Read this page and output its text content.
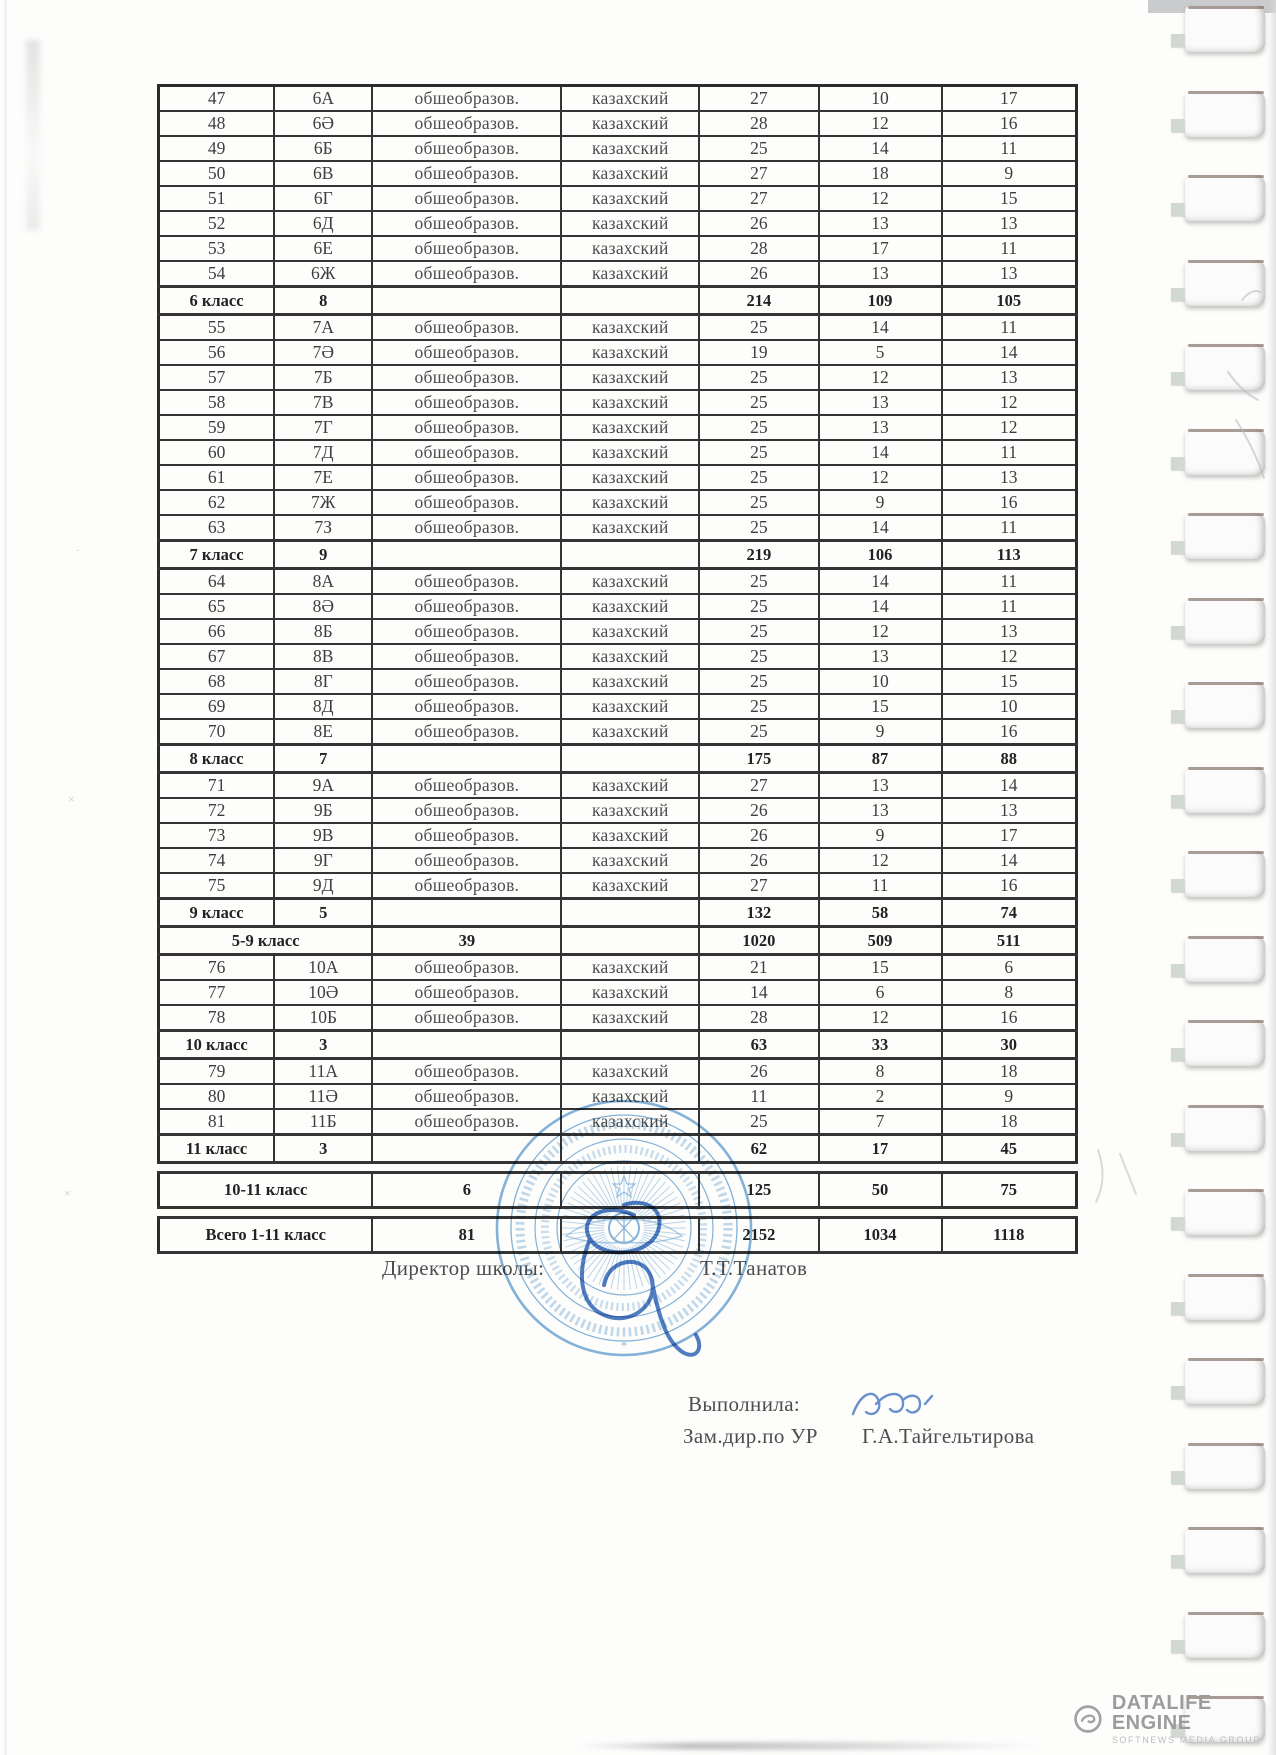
·
×
×
47	6А	обшеобразов.	казахский	27	10	17
48	6Ә	обшеобразов.	казахский	28	12	16
49	6Б	обшеобразов.	казахский	25	14	11
50	6В	обшеобразов.	казахский	27	18	9
51	6Г	обшеобразов.	казахский	27	12	15
52	6Д	обшеобразов.	казахский	26	13	13
53	6Е	обшеобразов.	казахский	28	17	11
54	6Ж	обшеобразов.	казахский	26	13	13
6 класс	8			214	109	105
55	7А	обшеобразов.	казахский	25	14	11
56	7Ә	обшеобразов.	казахский	19	5	14
57	7Б	обшеобразов.	казахский	25	12	13
58	7В	обшеобразов.	казахский	25	13	12
59	7Г	обшеобразов.	казахский	25	13	12
60	7Д	обшеобразов.	казахский	25	14	11
61	7Е	обшеобразов.	казахский	25	12	13
62	7Ж	обшеобразов.	казахский	25	9	16
63	7З	обшеобразов.	казахский	25	14	11
7 класс	9			219	106	113
64	8А	обшеобразов.	казахский	25	14	11
65	8Ә	обшеобразов.	казахский	25	14	11
66	8Б	обшеобразов.	казахский	25	12	13
67	8В	обшеобразов.	казахский	25	13	12
68	8Г	обшеобразов.	казахский	25	10	15
69	8Д	обшеобразов.	казахский	25	15	10
70	8Е	обшеобразов.	казахский	25	9	16
8 класс	7			175	87	88
71	9А	обшеобразов.	казахский	27	13	14
72	9Б	обшеобразов.	казахский	26	13	13
73	9В	обшеобразов.	казахский	26	9	17
74	9Г	обшеобразов.	казахский	26	12	14
75	9Д	обшеобразов.	казахский	27	11	16
9 класс	5			132	58	74
5-9 класс		39		1020	509	511
76	10А	обшеобразов.	казахский	21	15	6
77	10Ә	обшеобразов.	казахский	14	6	8
78	10Б	обшеобразов.	казахский	28	12	16
10 класс	3			63	33	30
79	11А	обшеобразов.	казахский	26	8	18
80	11Ә	обшеобразов.	казахский	11	2	9
81	11Б	обшеобразов.	казахский	25	7	18
11 класс	3			62	17	45
10-11 класс	6		125	50	75
Всего 1-11 класс	81		2152	1034	1118
Директор школы:	Т.Т.Танатов
*
Выполнила:
Зам.дир.по УР Г.А.Тайгельтирова
DATALIFE ENGINE
SOFTNEWS MEDIA GROUP
